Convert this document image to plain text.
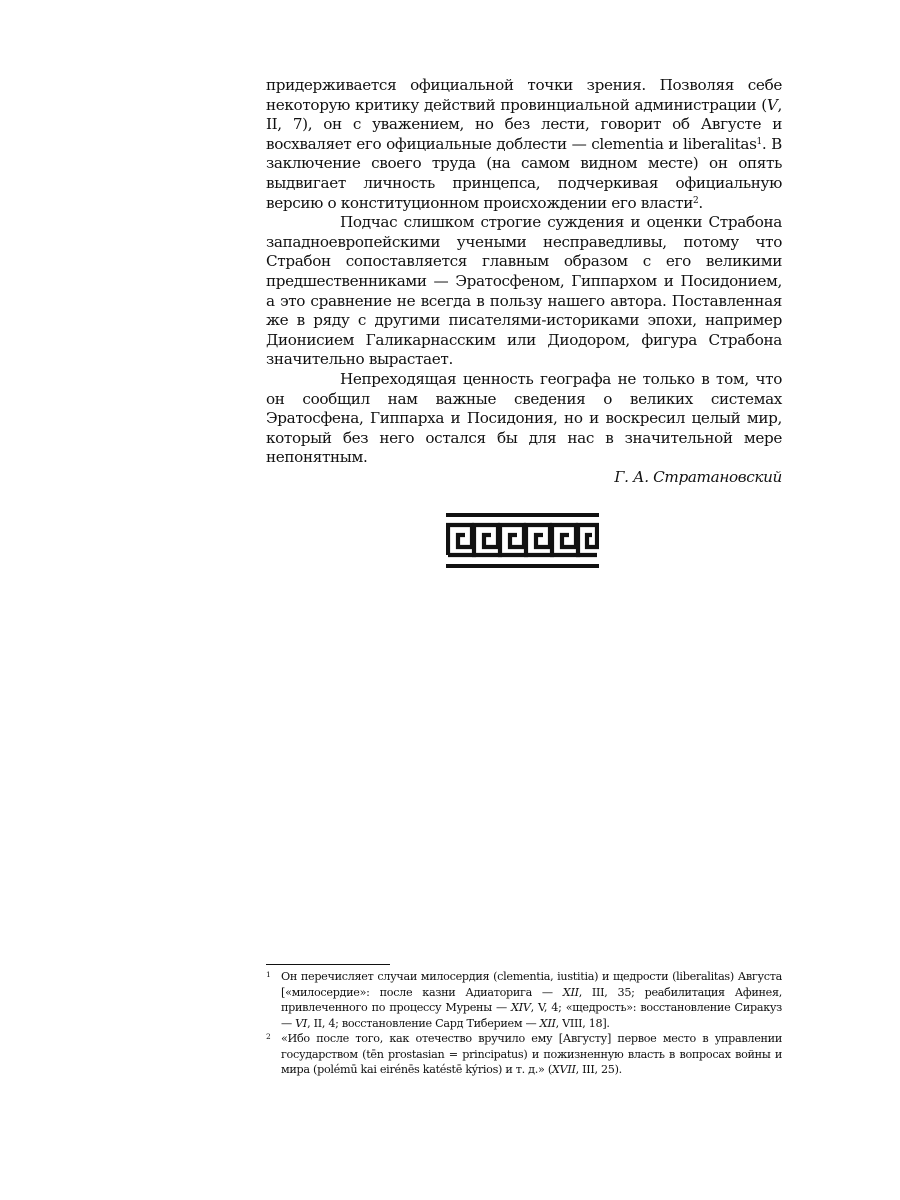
придерживается официальной точки зрения. Позволяя себе некоторую критику действий провинциальной администрации (V, II, 7), он с уважением, но без лести, говорит об Августе и восхваляет его официальные доблести — clementia и liberalitas$^1$. В заключение своего труда (на самом видном месте) он опять выдвигает личность принцепса, подчеркивая официальную версию о конституционном происхождении его власти$^2$.

Подчас слишком строгие суждения и оценки Страбона западноевропейскими учеными несправедливы, потому что Страбон сопоставляется главным образом с его великими предшественниками — Эратосфеном, Гиппархом и Посидонием, а это сравнение не всегда в пользу нашего автора. Поставленная же в ряду с другими писателями-историками эпохи, например Дионисием Галикарнасским или Диодором, фигура Страбона значительно вырастает.

Непреходящая ценность географа не только в том, что он сообщил нам важные сведения о великих системах Эратосфена, Гиппарха и Посидония, но и воскресил целый мир, который без него остался бы для нас в значительной мере непонятным.

Г. А. Стратановский

1 Он перечисляет случаи милосердия (clementia, iustitia) и щедрости (liberalitas) Августа [«милосердие»: после казни Адиаторига — XII, III, 35; реабилитация Афинея, привлеченного по процессу Мурены — XIV, V, 4; «щедрость»: восстановление Сиракуз — VI, II, 4; восстановление Сард Тиберием — XII, VIII, 18].
2 «Ибо после того, как отечество вручило ему [Августу] первое место в управлении государством (tēn prostasian = principatus) и пожизненную власть в вопросах войны и мира (polémū kai eirénēs katéstē kýrios) и т. д.» (XVII, III, 25).
